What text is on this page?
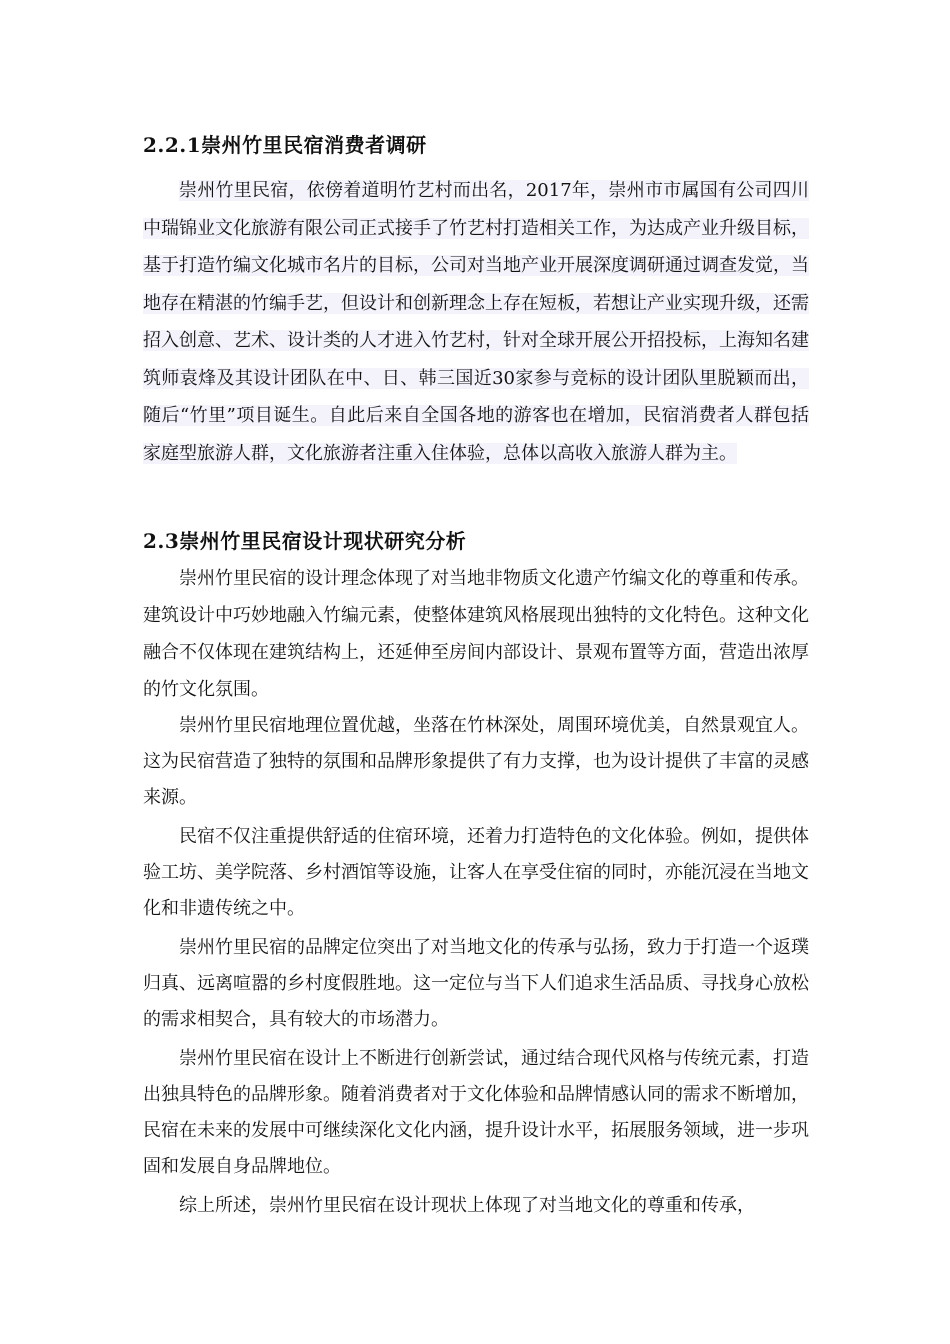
2.2.1崇州竹里民宿消费者调研
崇州竹里民宿，依傍着道明竹艺村而出名，2017年，崇州市市属国有公司四川中瑞锦业文化旅游有限公司正式接手了竹艺村打造相关工作，为达成产业升级目标，基于打造竹编文化城市名片的目标，公司对当地产业开展深度调研通过调查发觉，当地存在精湛的竹编手艺，但设计和创新理念上存在短板，若想让产业实现升级，还需招入创意、艺术、设计类的人才进入竹艺村，针对全球开展公开招投标，上海知名建筑师袁烽及其设计团队在中、日、韩三国近30家参与竞标的设计团队里脱颖而出，随后“竹里”项目诞生。自此后来自全国各地的游客也在增加，民宿消费者人群包括家庭型旅游人群，文化旅游者注重入住体验，总体以高收入旅游人群为主。
2.3崇州竹里民宿设计现状研究分析
崇州竹里民宿的设计理念体现了对当地非物质文化遗产竹编文化的尊重和传承。建筑设计中巧妙地融入竹编元素，使整体建筑风格展现出独特的文化特色。这种文化融合不仅体现在建筑结构上，还延伸至房间内部设计、景观布置等方面，营造出浓厚的竹文化氛围。
崇州竹里民宿地理位置优越，坐落在竹林深处，周围环境优美，自然景观宜人。这为民宿营造了独特的氛围和品牌形象提供了有力支撑，也为设计提供了丰富的灵感来源。
民宿不仅注重提供舒适的住宿环境，还着力打造特色的文化体验。例如，提供体验工坊、美学院落、乡村酒馆等设施，让客人在享受住宿的同时，亦能沉浸在当地文化和非遗传统之中。
崇州竹里民宿的品牌定位突出了对当地文化的传承与弘扬，致力于打造一个返璞归真、远离喧嚣的乡村度假胜地。这一定位与当下人们追求生活品质、寻找身心放松的需求相契合，具有较大的市场潜力。
崇州竹里民宿在设计上不断进行创新尝试，通过结合现代风格与传统元素，打造出独具特色的品牌形象。随着消费者对于文化体验和品牌情感认同的需求不断增加，民宿在未来的发展中可继续深化文化内涵，提升设计水平，拓展服务领域，进一步巩固和发展自身品牌地位。
综上所述，崇州竹里民宿在设计现状上体现了对当地文化的尊重和传承，
